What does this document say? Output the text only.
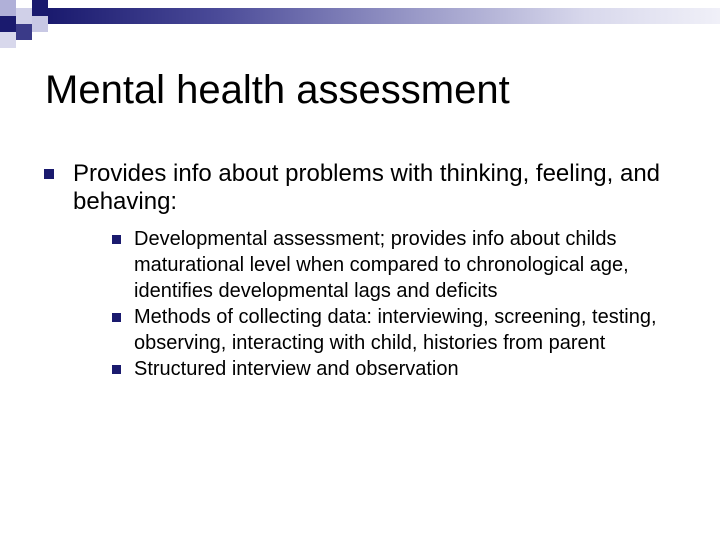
Mental health assessment
Provides info about problems with thinking, feeling, and behaving:
Developmental assessment; provides info about childs maturational level when compared to chronological age, identifies developmental lags and deficits
Methods of collecting data: interviewing, screening, testing, observing, interacting with child, histories from parent
Structured interview and observation
